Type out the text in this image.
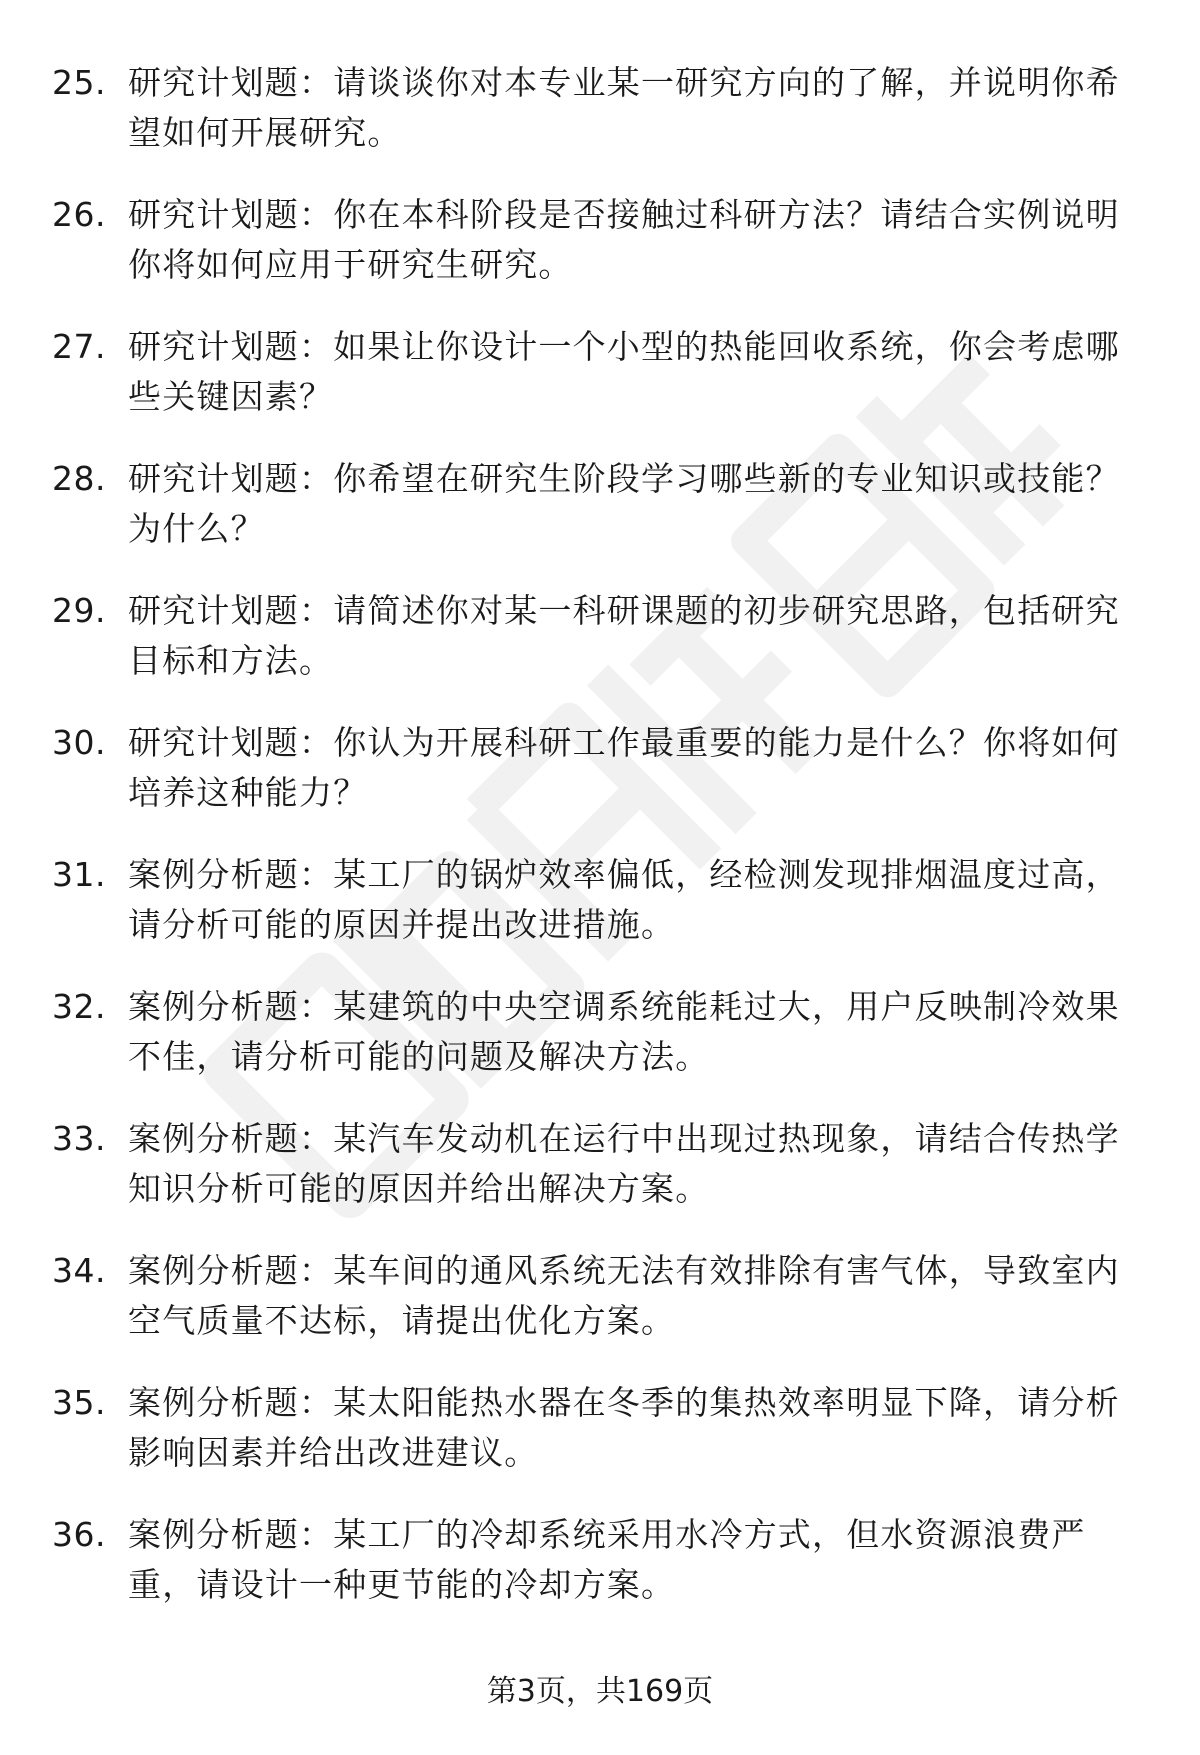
25. 研究计划题：请谈谈你对本专业某一研究方向的了解，并说明你希望如何开展研究。
26. 研究计划题：你在本科阶段是否接触过科研方法？请结合实例说明你将如何应用于研究生研究。
27. 研究计划题：如果让你设计一个小型的热能回收系统，你会考虑哪些关键因素？
28. 研究计划题：你希望在研究生阶段学习哪些新的专业知识或技能？为什么？
29. 研究计划题：请简述你对某一科研课题的初步研究思路，包括研究目标和方法。
30. 研究计划题：你认为开展科研工作最重要的能力是什么？你将如何培养这种能力？
31. 案例分析题：某工厂的锅炉效率偏低，经检测发现排烟温度过高，请分析可能的原因并提出改进措施。
32. 案例分析题：某建筑的中央空调系统能耗过大，用户反映制冷效果不佳，请分析可能的问题及解决方法。
33. 案例分析题：某汽车发动机在运行中出现过热现象，请结合传热学知识分析可能的原因并给出解决方案。
34. 案例分析题：某车间的通风系统无法有效排除有害气体，导致室内空气质量不达标，请提出优化方案。
35. 案例分析题：某太阳能热水器在冬季的集热效率明显下降，请分析影响因素并给出改进建议。
36. 案例分析题：某工厂的冷却系统采用水冷方式，但水资源浪费严重，请设计一种更节能的冷却方案。
第3页，共169页
